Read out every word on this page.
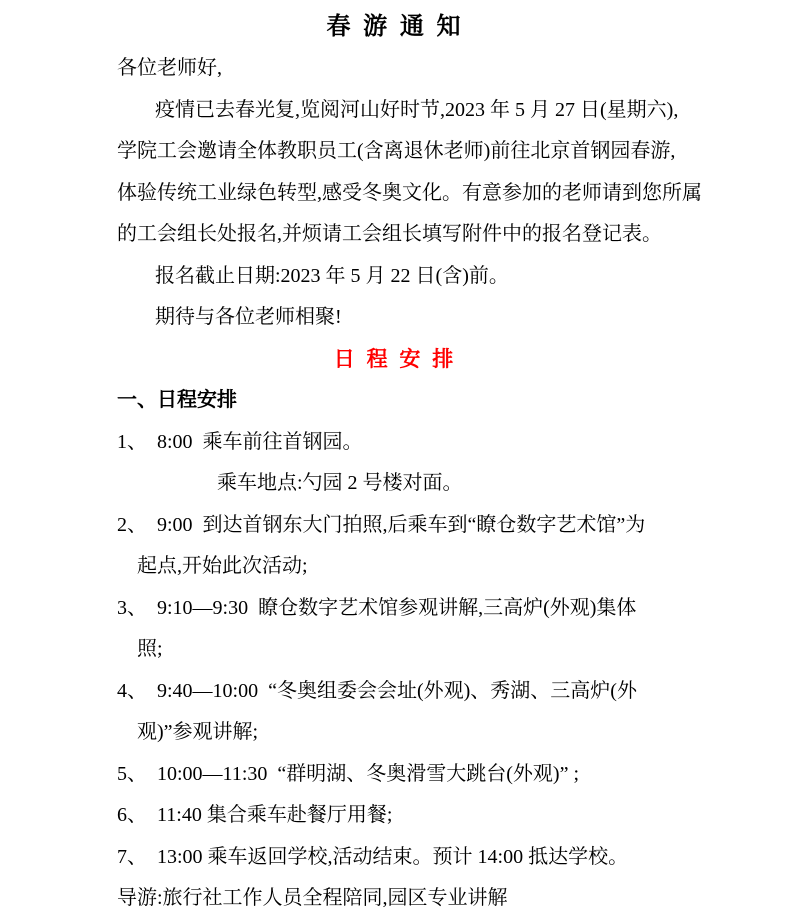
春 游 通 知
各位老师好,
疫情已去春光复,览阅河山好时节,2023 年 5 月 27 日(星期六),
学院工会邀请全体教职员工(含离退休老师)前往北京首钢园春游,
体验传统工业绿色转型,感受冬奥文化。有意参加的老师请到您所属
的工会组长处报名,并烦请工会组长填写附件中的报名登记表。
报名截止日期:2023 年 5 月 22 日(含)前。
期待与各位老师相聚!
日 程 安 排
一、日程安排
1、 8:00  乘车前往首钢园。
乘车地点:勺园 2 号楼对面。
2、 9:00  到达首钢东大门拍照,后乘车到“瞭仓数字艺术馆”为
起点,开始此次活动;
3、 9:10—9:30  瞭仓数字艺术馆参观讲解,三高炉(外观)集体
照;
4、 9:40—10:00  “冬奥组委会会址(外观)、秀湖、三高炉(外
观)”参观讲解;
5、 10:00—11:30  “群明湖、冬奥滑雪大跳台(外观)” ;
6、 11:40 集合乘车赴餐厅用餐;
7、 13:00 乘车返回学校,活动结束。预计 14:00 抵达学校。
导游:旅行社工作人员全程陪同,园区专业讲解
